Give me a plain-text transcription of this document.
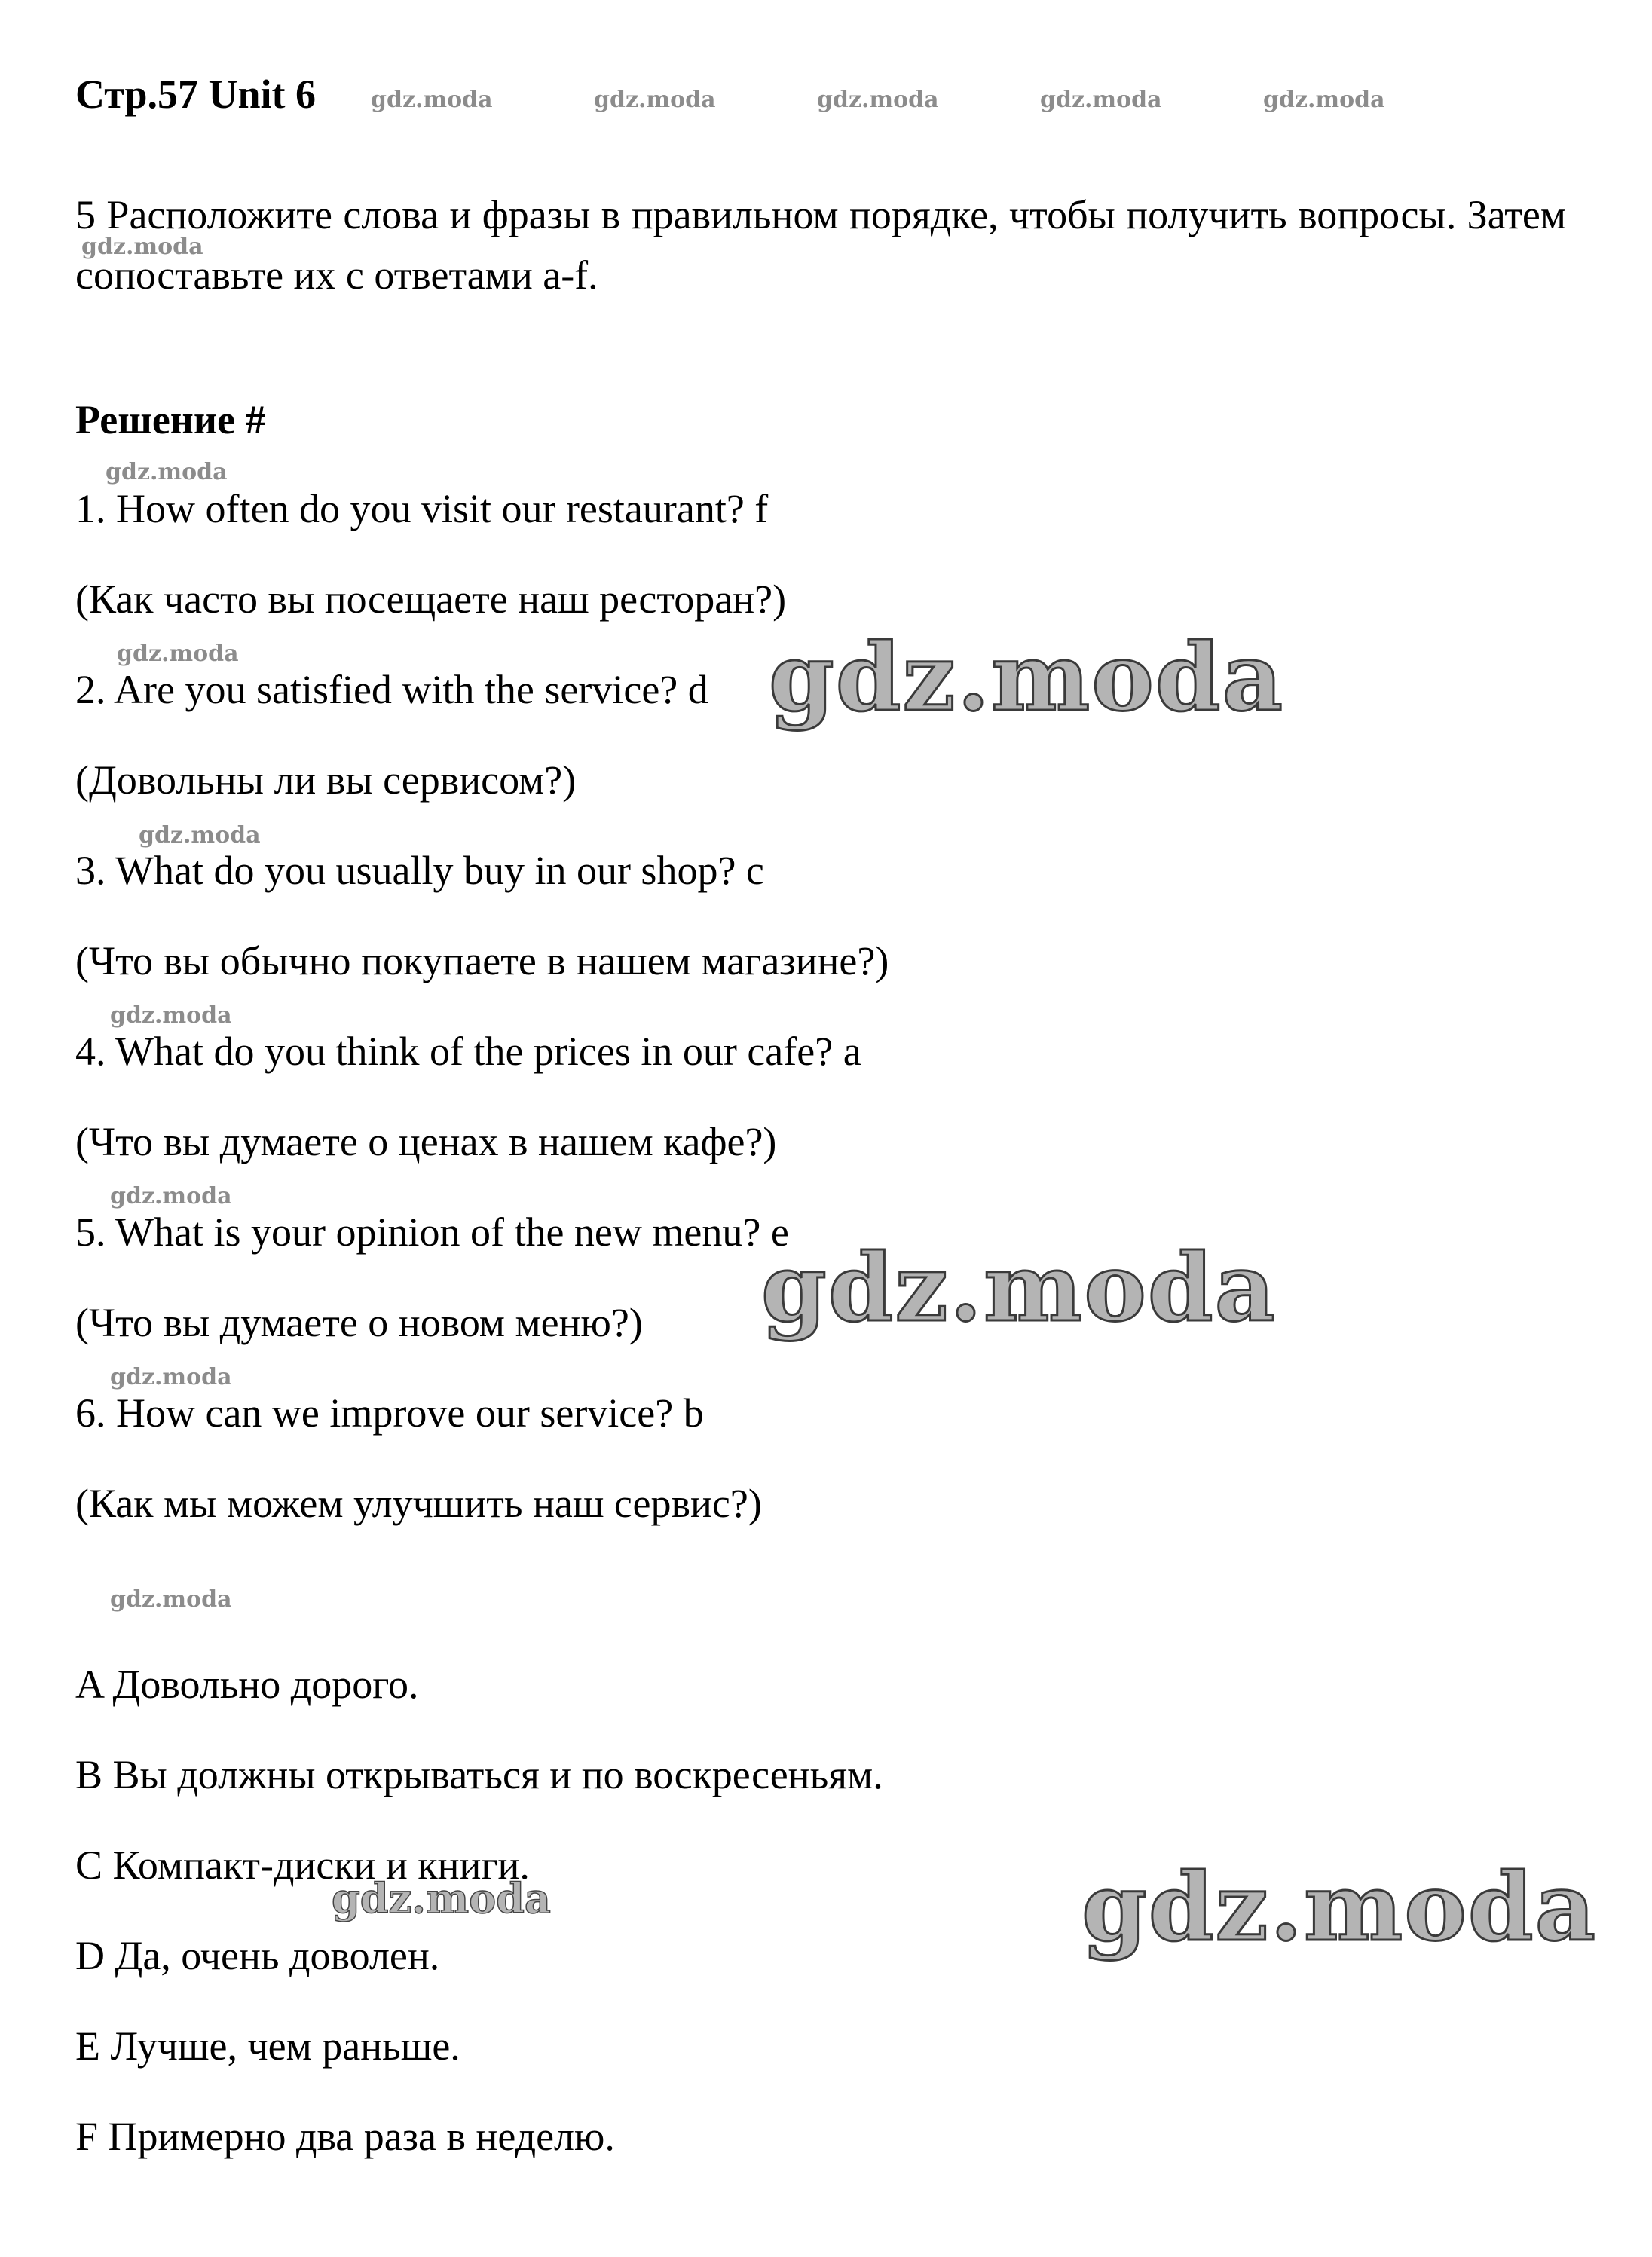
Стр.57 Unit 6 gdz.moda	gdz.moda	gdz.moda	gdz.moda	gdz.moda
5 Расположите слова и фразы в правильном порядке, чтобы получить вопросы. Затем сопоставьте их с ответами a-f.
gdz.moda
Решение #
gdz.moda
1. How often do you visit our restaurant? f
(Как часто вы посещаете наш ресторан?)
gdz.moda
2. Are you satisfied with the service? d
(Довольны ли вы сервисом?)
gdz.moda
3. What do you usually buy in our shop? c
(Что вы обычно покупаете в нашем магазине?)
gdz.moda
4. What do you think of the prices in our cafe? a
(Что вы думаете о ценах в нашем кафе?)
gdz.moda
5. What is your opinion of the new menu? e
(Что вы думаете о новом меню?)
gdz.moda
6. How can we improve our service? b
(Как мы можем улучшить наш сервис?)
gdz.moda
A Довольно дорого.
B Вы должны открываться и по воскресеньям.
C Компакт-диски и книги.
D Да, очень доволен.
E Лучше, чем раньше.
F Примерно два раза в неделю.
gdz.moda
gdz.moda
gdz.moda
gdz.moda
